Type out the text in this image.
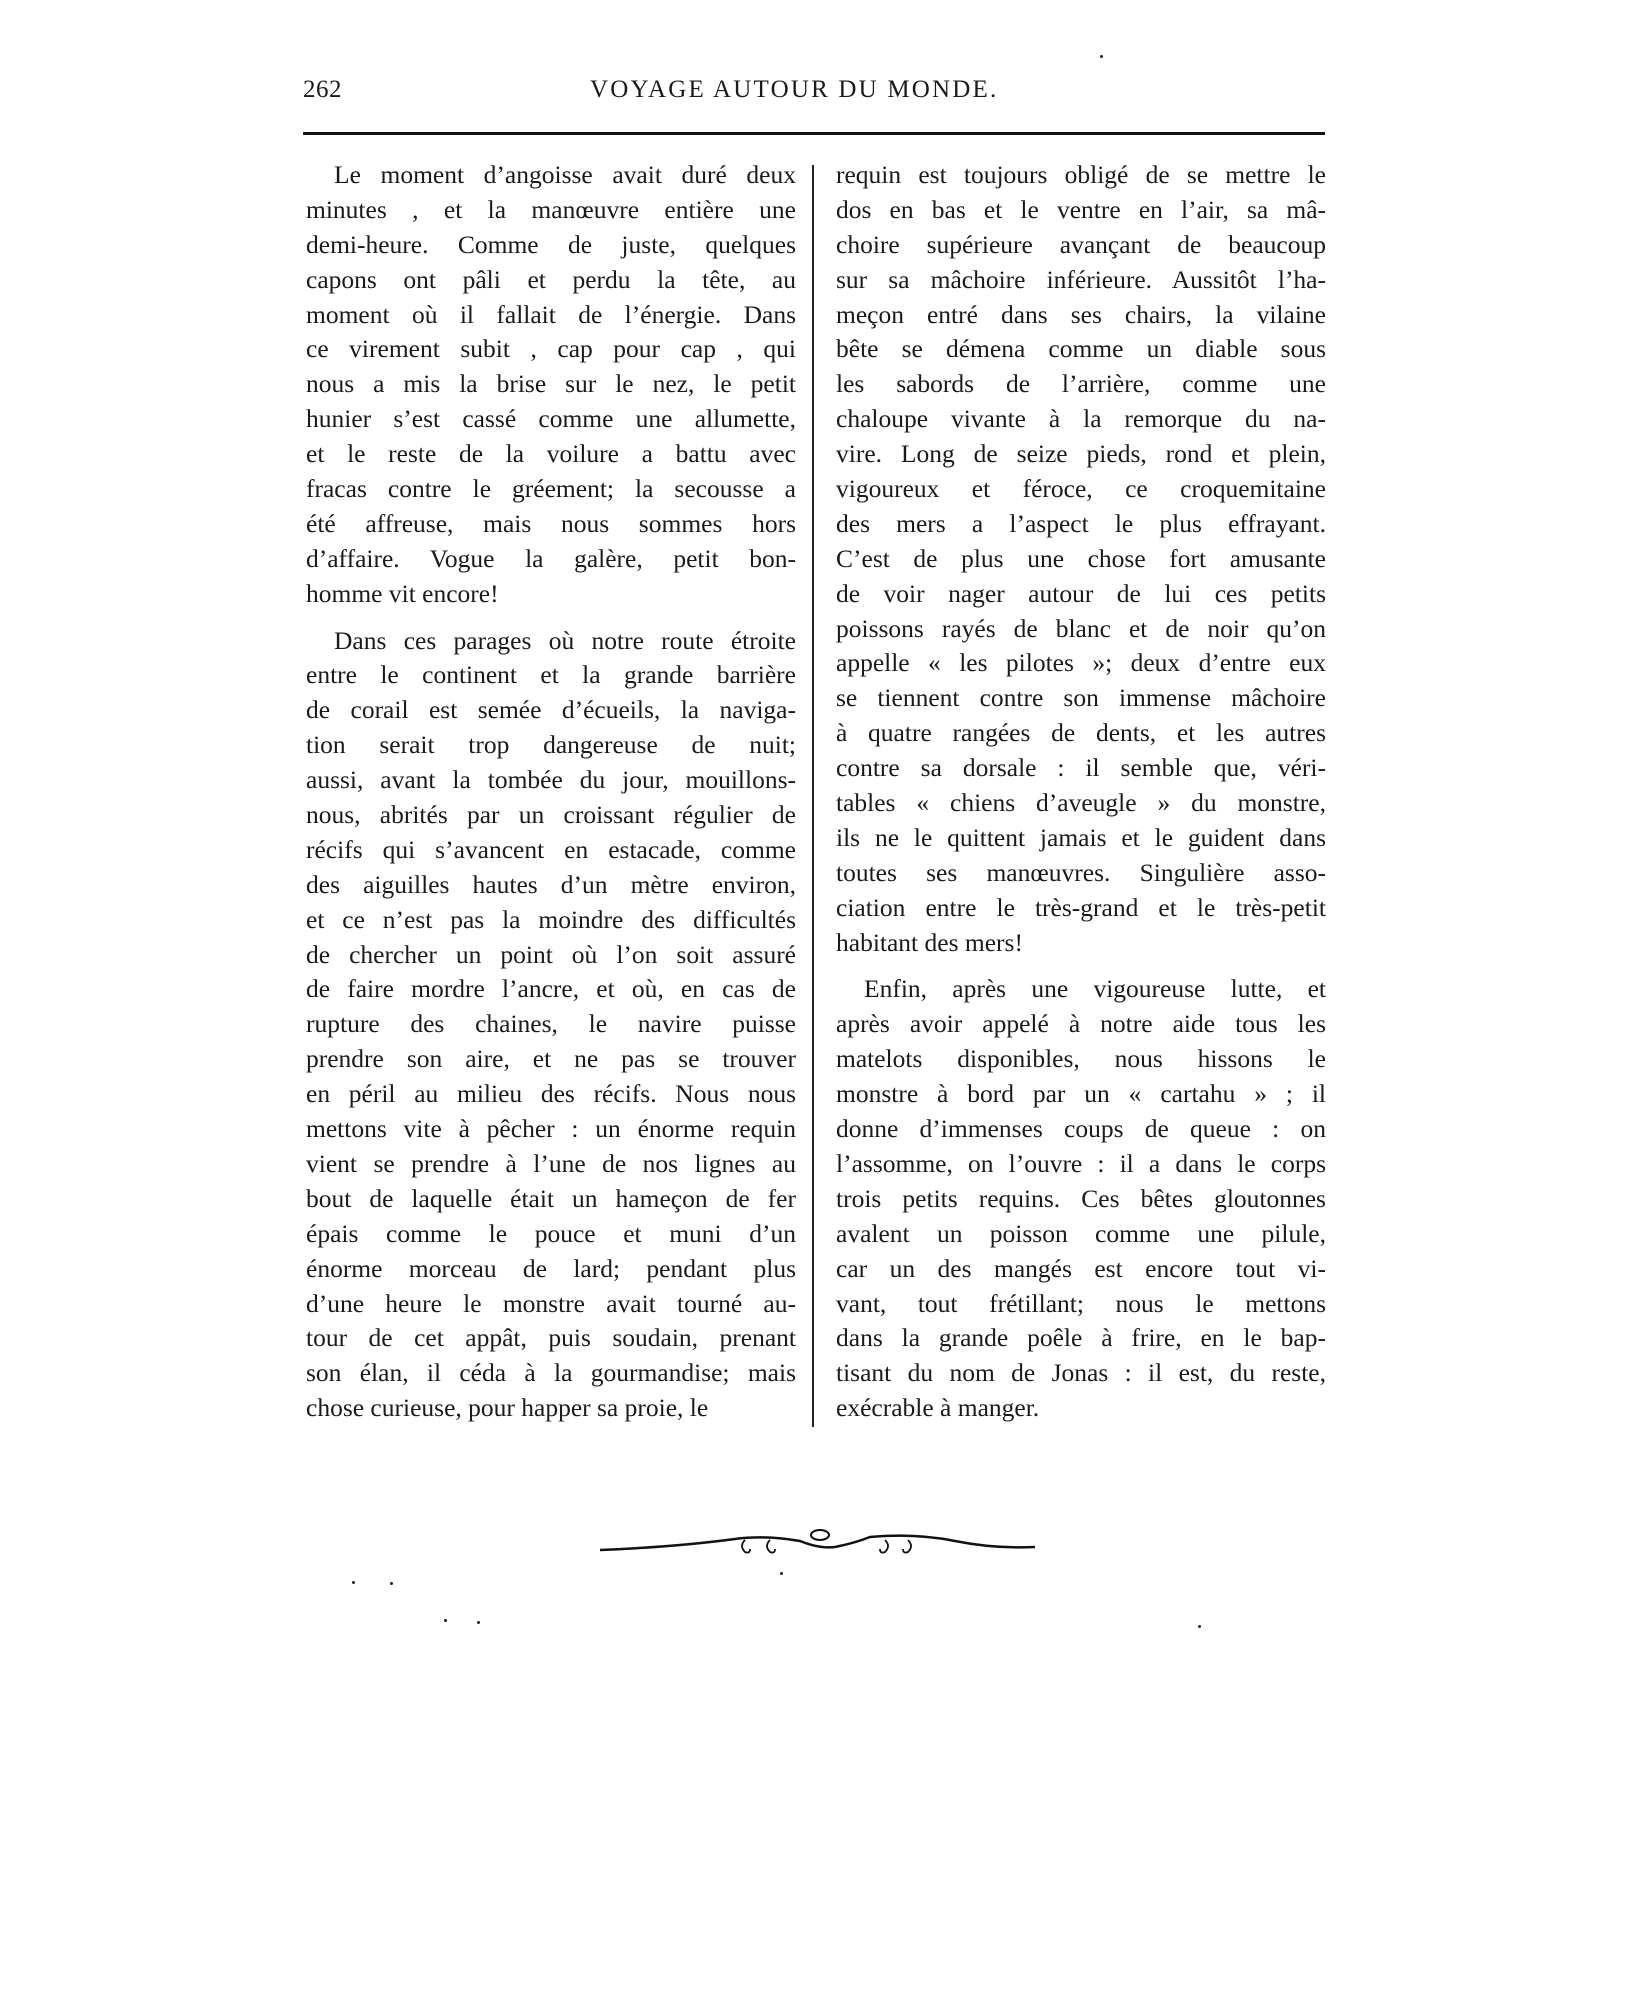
262	VOYAGE AUTOUR DU MONDE.
Le moment d’angoisse avait duré deux
minutes , et la manœuvre entière une
demi-heure. Comme de juste, quelques
capons ont pâli et perdu la tête, au
moment où il fallait de l’énergie. Dans
ce virement subit , cap pour cap , qui
nous a mis la brise sur le nez, le petit
hunier s’est cassé comme une allumette,
et le reste de la voilure a battu avec
fracas contre le gréement; la secousse a
été affreuse, mais nous sommes hors
d’affaire. Vogue la galère, petit bon-
homme vit encore!
Dans ces parages où notre route étroite
entre le continent et la grande barrière
de corail est semée d’écueils, la naviga-
tion serait trop dangereuse de nuit;
aussi, avant la tombée du jour, mouillons-
nous, abrités par un croissant régulier de
récifs qui s’avancent en estacade, comme
des aiguilles hautes d’un mètre environ,
et ce n’est pas la moindre des difficultés
de chercher un point où l’on soit assuré
de faire mordre l’ancre, et où, en cas de
rupture des chaines, le navire puisse
prendre son aire, et ne pas se trouver
en péril au milieu des récifs. Nous nous
mettons vite à pêcher : un énorme requin
vient se prendre à l’une de nos lignes au
bout de laquelle était un hameçon de fer
épais comme le pouce et muni d’un
énorme morceau de lard; pendant plus
d’une heure le monstre avait tourné au-
tour de cet appât, puis soudain, prenant
son élan, il céda à la gourmandise; mais
chose curieuse, pour happer sa proie, le
requin est toujours obligé de se mettre le
dos en bas et le ventre en l’air, sa mâ-
choire supérieure avançant de beaucoup
sur sa mâchoire inférieure. Aussitôt l’ha-
meçon entré dans ses chairs, la vilaine
bête se démena comme un diable sous
les sabords de l’arrière, comme une
chaloupe vivante à la remorque du na-
vire. Long de seize pieds, rond et plein,
vigoureux et féroce, ce croquemitaine
des mers a l’aspect le plus effrayant.
C’est de plus une chose fort amusante
de voir nager autour de lui ces petits
poissons rayés de blanc et de noir qu’on
appelle « les pilotes »; deux d’entre eux
se tiennent contre son immense mâchoire
à quatre rangées de dents, et les autres
contre sa dorsale : il semble que, véri-
tables « chiens d’aveugle » du monstre,
ils ne le quittent jamais et le guident dans
toutes ses manœuvres. Singulière asso-
ciation entre le très-grand et le très-petit
habitant des mers!
Enfin, après une vigoureuse lutte, et
après avoir appelé à notre aide tous les
matelots disponibles, nous hissons le
monstre à bord par un « cartahu » ; il
donne d’immenses coups de queue : on
l’assomme, on l’ouvre : il a dans le corps
trois petits requins. Ces bêtes gloutonnes
avalent un poisson comme une pilule,
car un des mangés est encore tout vi-
vant, tout frétillant; nous le mettons
dans la grande poêle à frire, en le bap-
tisant du nom de Jonas : il est, du reste,
exécrable à manger.
